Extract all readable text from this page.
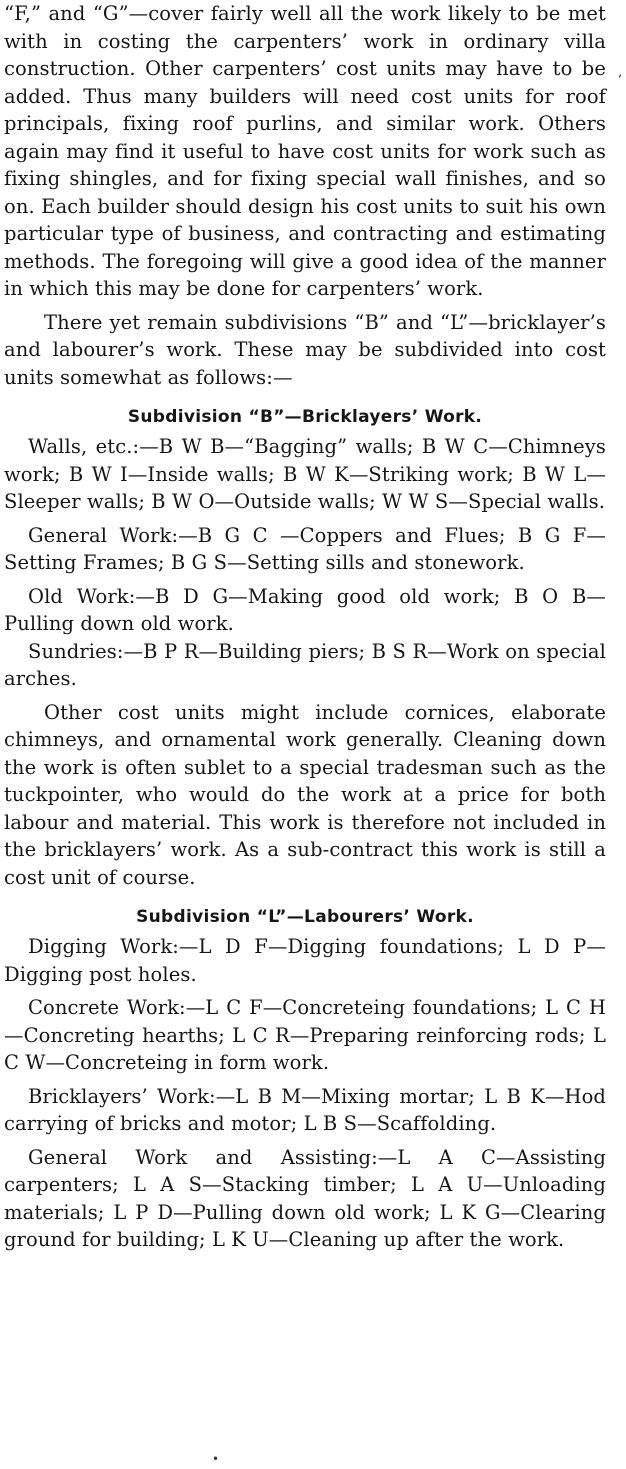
“F,” and “G”—cover fairly well all the work likely to be met with in costing the carpenters’ work in ordinary villa construction. Other carpenters’ cost units may have to be added. Thus many builders will need cost units for roof principals, fixing roof purlins, and similar work. Others again may find it useful to have cost units for work such as fixing shingles, and for fixing special wall finishes, and so on. Each builder should design his cost units to suit his own particular type of business, and contracting and estimating methods. The foregoing will give a good idea of the manner in which this may be done for carpenters’ work.

There yet remain subdivisions “B” and “L”—bricklayer’s and labourer’s work. These may be subdivided into cost units somewhat as follows:—

Subdivision “B”—Bricklayers’ Work.

Walls, etc.:—B W B—“Bagging” walls; B W C—Chimneys work; B W I—Inside walls; B W K—Striking work; B W L—Sleeper walls; B W O—Outside walls; W W S—Special walls.

General Work:—B G C —Coppers and Flues; B G F—Setting Frames; B G S—Setting sills and stonework.

Old Work:—B D G—Making good old work; B O B—Pulling down old work.

Sundries:—B P R—Building piers; B S R—Work on special arches.

Other cost units might include cornices, elaborate chimneys, and ornamental work generally. Cleaning down the work is often sublet to a special tradesman such as the tuckpointer, who would do the work at a price for both labour and material. This work is therefore not included in the bricklayers’ work. As a sub-contract this work is still a cost unit of course.

Subdivision “L”—Labourers’ Work.

Digging Work:—L D F—Digging foundations; L D P—Digging post holes.

Concrete Work:—L C F—Concreteing foundations; L C H—Concreting hearths; L C R—Preparing reinforcing rods; L C W—Concreteing in form work.

Bricklayers’ Work:—L B M—Mixing mortar; L B K—Hod carrying of bricks and motor; L B S—Scaffolding.

General Work and Assisting:—L A C—Assisting carpenters; L A S—Stacking timber; L A U—Unloading materials; L P D—Pulling down old work; L K G—Clearing ground for building; L K U—Cleaning up after the work.

,
•
